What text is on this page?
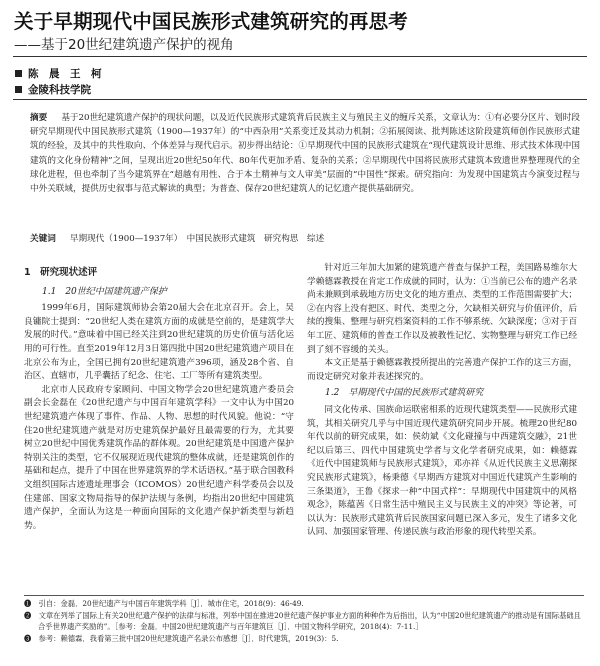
关于早期现代中国民族形式建筑研究的再思考
——基于20世纪建筑遗产保护的视角
陈　晨　王　柯
金陵科技学院
摘要 　 基于20世纪建筑遗产保护的现状问题，以及近代民族形式建筑背后民族主义与殖民主义的缠斥关系，文章认为：①有必要分区片、划时段研究早期现代中国民族形式建筑（1900—1937年）的“中西杂用”关系变迁及其动力机制；②拓展阅读、批判陈述这阶段建筑师创作民族形式建筑的经验，及其中的共性取向、个体差异与现代启示。初步得出结论：①早期现代中国的民族形式建筑在“现代建筑设计思维、形式技术体现中国建筑的文化身份精神”之间，呈现出近20世纪50年代、80年代更加矛盾、复杂的关系；②早期现代中国将民族形式建筑本致遗世界整理现代的全球化进程，但也牵制了当今建筑界在“超越有用性、合于本土精神与文人审美”层面的“中国性”探索。研究指向：为发现中国建筑古今演变过程与中外关联域，提供历史叙事与范式解读的典型；为普查、保存20世纪建筑人的记忆遗产提供基础研究。
关键词 　 早期现代（1900—1937年）　中国民族形式建筑　研究构思　综述
1　研究现状述评
1.1　20世纪中国建筑遗产保护

1999年6月，国际建筑师协会第20届大会在北京召开。会上，吴良镛院士提到：“20世纪人类在建筑方面的成就是空前的，是建筑学大发展的时代。”意味着中国已经关注到20世纪建筑的历史价值与活化运用的可行性。直至2019年12月3日第四批中国20世纪建筑遗产项目在北京公布为止，全国已拥有20世纪建筑遗产396项，涵及28个省、自治区、直辖市，几乎囊括了纪念、住宅、工厂等所有建筑类型。

北京市人民政府专家顾问、中国文物学会20世纪建筑遗产委员会副会长金磊在《20世纪遗产与中国百年建筑学科》一文中认为中国20世纪建筑遗产体现了事件、作品、人物、思想的时代风貌。他说：“守住20世纪建筑遗产就是对历史建筑保护最好且最需要的行为，尤其要树立20世纪中国优秀建筑作品的群体观。20世纪建筑是中国遗产保护特别关注的类型，它不仅展现近现代建筑的整体成就，还是建筑创作的基础和起点，提升了中国在世界建筑界的学术话语权。”基于联合国教科文组织国际古迹遗址理事会（ICOMOS）20世纪遗产科学委员会以及住建部、国家文物局指导的保护法规与条例，均指出20世纪中国建筑遗产保护，全面认为这是一种面向国际的文化遗产保护新类型与新趋势。

针对近三年加大加紧的建筑遗产普查与保护工程，美国路易维尔大学赖德霖教授在肯定工作成就的同时，认为：①当前已公布的遗产名录尚未兼顾到承载地方历史文化的地方重点、类型的工作范围需要扩大；②在内容上没有把区、时代、类型之分，欠缺相关研究与价值评价，后续的搜集、整理与研究档案资料的工作不够系统、欠缺深度；③对于百年工匠、建筑师的普查工作以及被教性记忆、实物整理与研究工作已经到了刻不容缓的关头。

本文正是基于赖德霖教授所提出的完善遗产保护工作的这三方面，而设定研究对象并表述探究的。

1.2　早期现代中国的民族形式建筑研究

同文化传承、国族命运联密相系的近现代建筑类型——民族形式建筑，其相关研究几乎与中国近现代建筑研究同步开展。梳理20世纪80年代以前的研究成果，如：侯幼斌《文化碰撞与中西建筑交融》，21世纪以后第三、四代中国建筑史学者与文化学者研究成果，如：赖德霖《近代中国建筑师与民族形式建筑》，邓亦祥《从近代民族主义思潮探究民族形式建筑》，杨秉德《早期西方建筑对中国近代建筑产生影响的三条渠道》，王鲁《探求一种“中国式样”：早期现代中国建筑中的风格观念》，陈蕴茜《日常生活中殖民主义与民族主义的冲突》等论著，可以认为：民族形式建筑背后民族国家问题已深入多元，发生了诸多文化认同、加强国家管理、传递民族与政治形象的现代转型关系。

❶　引自：金磊．20世纪遗产与中国百年建筑学科［J］．城市住宅，2018(9)：46-49.
❷　文章在列举了国际上有关20世纪遗产保护的法律与标准，列举中国在推进20世纪遗产保护事业方面的种种作为后指出，认为“中国20世纪建筑遗产的推动是有国际基础且合乎世界遗产奖励的”。［参考：金磊．中国20世纪建筑遗产与百年建筑巨［J］．中国文物科学研究，2018(4)：7-11.］
❸　参考：赖德霖．我看第三批中国20世纪建筑遗产名录公布感想［J］．时代建筑，2019(3)：5.
